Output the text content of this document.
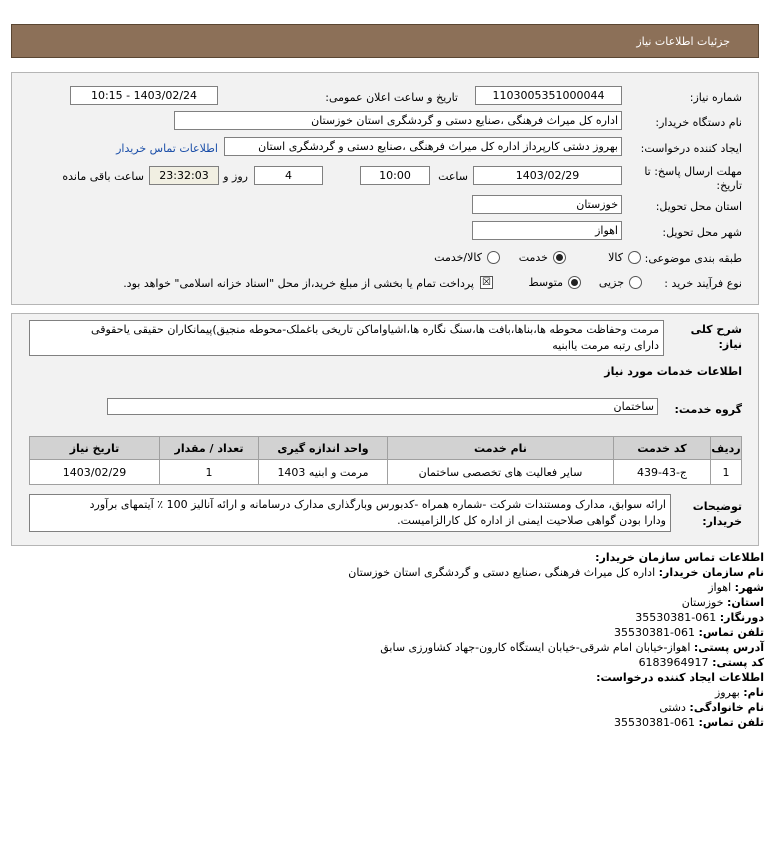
جزئیات اطلاعات نیاز
شماره نیاز:
1103005351000044
تاریخ و ساعت اعلان عمومی:
1403/02/24 - 10:15
نام دستگاه خریدار:
اداره کل میراث فرهنگی ،صنایع دستی و گردشگری استان خوزستان
ایجاد کننده درخواست:
بهروز دشتی کارپرداز اداره کل میراث فرهنگی ،صنایع دستی و گردشگری استان
اطلاعات تماس خریدار
مهلت ارسال پاسخ: تا
تاریخ:
1403/02/29
ساعت
10:00
4
روز و
23:32:03
ساعت باقی مانده
استان محل تحویل:
خوزستان
شهر محل تحویل:
اهواز
طبقه بندی موضوعی:
کالا
خدمت
کالا/خدمت
نوع فرآیند خرید :
جزیی
متوسط
☒
پرداخت تمام یا بخشی از مبلغ خرید،از محل "اسناد خزانه اسلامی" خواهد بود.
شرح کلی نیاز:
مرمت وحفاظت محوطه ها،بناها،بافت ها،سنگ نگاره ها،اشیاواماکن تاریخی باغملک-محوطه منجیق)پیمانکاران حقیقی یاحقوقی
دارای رتبه مرمت یاابنیه
اطلاعات خدمات مورد نیاز
گروه خدمت:
ساختمان
ردیف	کد خدمت	نام خدمت	واحد اندازه گیری	تعداد / مقدار	تاریخ نیاز
1	ج-43-439	سایر فعالیت های تخصصی ساختمان	مرمت و ابنیه 1403	1	1403/02/29
توضیحات
خریدار:
ارائه سوابق، مدارک ومستندات شرکت -شماره همراه -کدبورس وبارگذاری مدارک درسامانه و ارائه آنالیز 100 ٪ آیتمهای برآورد
ودارا بودن گواهی صلاحیت ایمنی از اداره کل کارالزامیست.
اطلاعات تماس سازمان خریدار:
نام سازمان خریدار: اداره کل میراث فرهنگی ،صنایع دستی و گردشگری استان خوزستان
شهر: اهواز
استان: خوزستان
دورنگار: 061-35530381
تلفن تماس: 061-35530381
آدرس پستی: اهواز-خیابان امام شرقی-خیابان ایستگاه کارون-جهاد کشاورزی سابق
کد پستی: 6183964917
اطلاعات ایجاد کننده درخواست:
نام: بهروز
نام خانوادگی: دشتی
تلفن تماس: 061-35530381
